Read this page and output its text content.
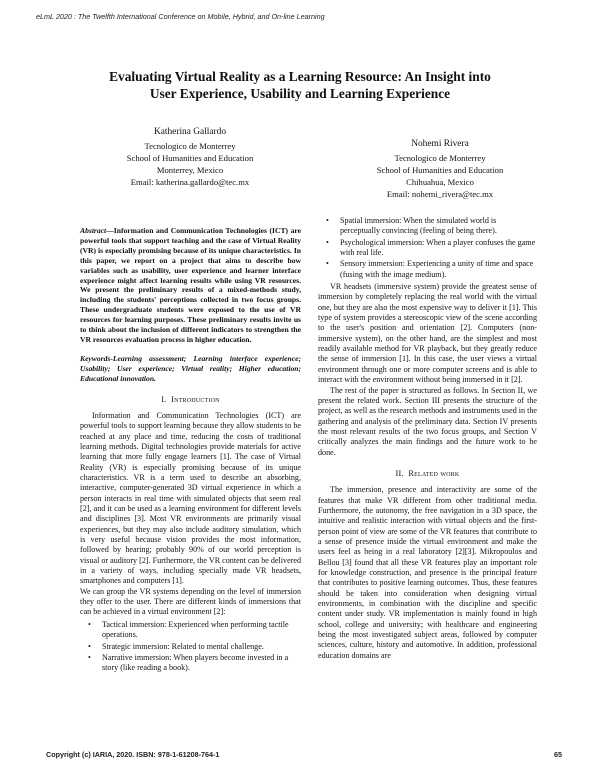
eLmL 2020 : The Twelfth International Conference on Mobile, Hybrid, and On-line Learning
Evaluating Virtual Reality as a Learning Resource: An Insight into
User Experience, Usability and Learning Experience
Katherina Gallardo
Tecnologico de Monterrey
School of Humanities and Education
Monterrey, Mexico
Email: katherina.gallardo@tec.mx
Nohemi Rivera
Tecnologico de Monterrey
School of Humanities and Education
Chihuahua, Mexico
Email: nohemi_rivera@tec.mx
Abstract—Information and Communication Technologies (ICT) are powerful tools that support teaching and the case of Virtual Reality (VR) is especially promising because of its unique characteristics. In this paper, we report on a project that aims to describe how variables such as usability, user experience and learner interface experience might affect learning results while using VR resources. We present the preliminary results of a mixed-methods study, including the students' perceptions collected in two focus groups. These undergraduate students were exposed to the use of VR resources for learning purposes. These preliminary results invite us to think about the inclusion of different indicators to strengthen the VR resources evaluation process in higher education.
Keywords-Learning assessment; Learning interface experience; Usability; User experience; Virtual reality; Higher education; Educational innovation.
I. Introduction

Information and Communication Technologies (ICT) are powerful tools to support learning because they allow students to be reached at any place and time, reducing the costs of traditional learning methods. Digital technologies provide materials for active learning that more fully engage learners [1]. The case of Virtual Reality (VR) is especially promising because of its unique characteristics. VR is a term used to describe an absorbing, interactive, computer-generated 3D virtual experience in which a person interacts in real time with simulated objects that seem real [2], and it can be used as a learning environment for different levels and disciplines [3]. Most VR environments are primarily visual experiences, but they may also include auditory simulation, which is very useful because vision provides the most information, followed by hearing; probably 90% of our world perception is visual or auditory [2]. Furthermore, the VR content can be delivered in a variety of ways, including specially made VR headsets, smartphones and computers [1].

We can group the VR systems depending on the level of immersion they offer to the user. There are different kinds of immersions that can be achieved in a virtual environment [2]:

• Tactical immersion: Experienced when performing tactile operations.
• Strategic immersion: Related to mental challenge.
• Narrative immersion: When players become invested in a story (like reading a book).
• Spatial immersion: When the simulated world is perceptually convincing (feeling of being there).
• Psychological immersion: When a player confuses the game with real life.
• Sensory immersion: Experiencing a unity of time and space (fusing with the image medium).

VR headsets (immersive system) provide the greatest sense of immersion by completely replacing the real world with the virtual one, but they are also the most expensive way to deliver it [1]. This type of system provides a stereoscopic view of the scene according to the user's position and orientation [2]. Computers (non-immersive system), on the other hand, are the simplest and most readily available method for VR playback, but they greatly reduce the sense of immersion [1]. In this case, the user views a virtual environment through one or more computer screens and is able to interact with the environment without being immersed in it [2].

The rest of the paper is structured as follows. In Section II, we present the related work. Section III presents the structure of the project, as well as the research methods and instruments used in the gathering and analysis of the preliminary data. Section IV presents the most relevant results of the two focus groups, and Section V critically analyzes the main findings and the future work to be done.

II. Related work

The immersion, presence and interactivity are some of the features that make VR different from other traditional media. Furthermore, the autonomy, the free navigation in a 3D space, the intuitive and realistic interaction with virtual objects and the first-person point of view are some of the VR features that contribute to a sense of presence inside the virtual environment and make the users feel as being in a real laboratory [2][3]. Mikropoulos and Bellou [3] found that all these VR features play an important role for knowledge construction, and presence is the principal feature that contributes to positive learning outcomes. Thus, these features should be taken into consideration when designing virtual environments, in combination with the discipline and specific content under study. VR implementation is mainly found in high school, college and university; with healthcare and engineering being the most investigated subject areas, followed by computer sciences, culture, history and automotive. In addition, professional education domains are

Copyright (c) IARIA, 2020. ISBN: 978-1-61208-764-1	65
